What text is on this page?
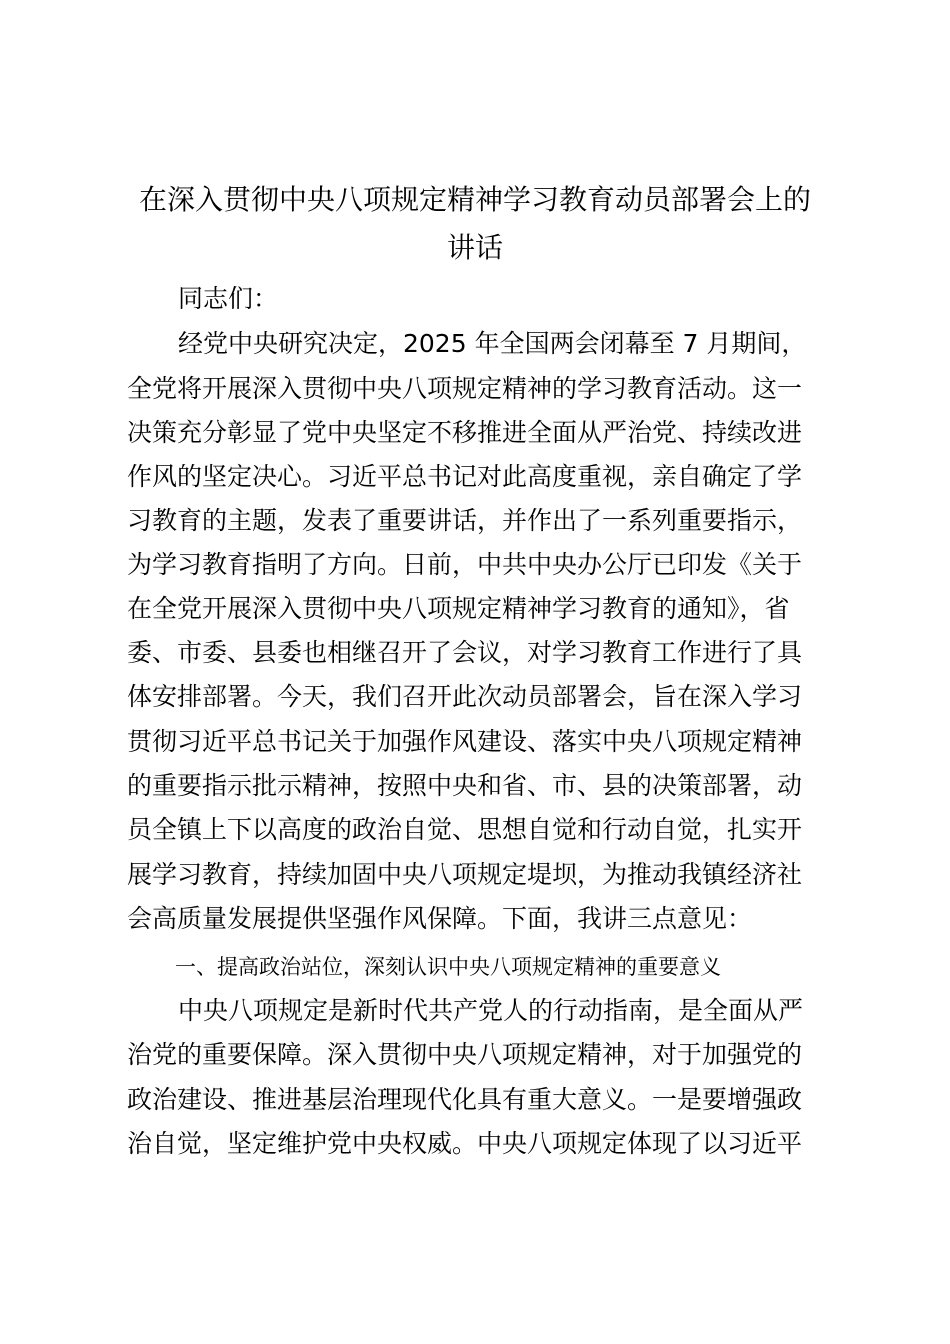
在深入贯彻中央八项规定精神学习教育动员部署会上的
讲话

同志们：

经党中央研究决定，2025 年全国两会闭幕至 7 月期间，

全党将开展深入贯彻中央八项规定精神的学习教育活动。这一

决策充分彰显了党中央坚定不移推进全面从严治党、持续改进

作风的坚定决心。习近平总书记对此高度重视，亲自确定了学

习教育的主题，发表了重要讲话，并作出了一系列重要指示，

为学习教育指明了方向。日前，中共中央办公厅已印发《关于

在全党开展深入贯彻中央八项规定精神学习教育的通知》，省

委、市委、县委也相继召开了会议，对学习教育工作进行了具

体安排部署。今天，我们召开此次动员部署会，旨在深入学习

贯彻习近平总书记关于加强作风建设、落实中央八项规定精神

的重要指示批示精神，按照中央和省、市、县的决策部署，动

员全镇上下以高度的政治自觉、思想自觉和行动自觉，扎实开

展学习教育，持续加固中央八项规定堤坝，为推动我镇经济社

会高质量发展提供坚强作风保障。下面，我讲三点意见：

一、提高政治站位，深刻认识中央八项规定精神的重要意义

中央八项规定是新时代共产党人的行动指南，是全面从严

治党的重要保障。深入贯彻中央八项规定精神，对于加强党的

政治建设、推进基层治理现代化具有重大意义。一是要增强政

治自觉，坚定维护党中央权威。中央八项规定体现了以习近平
